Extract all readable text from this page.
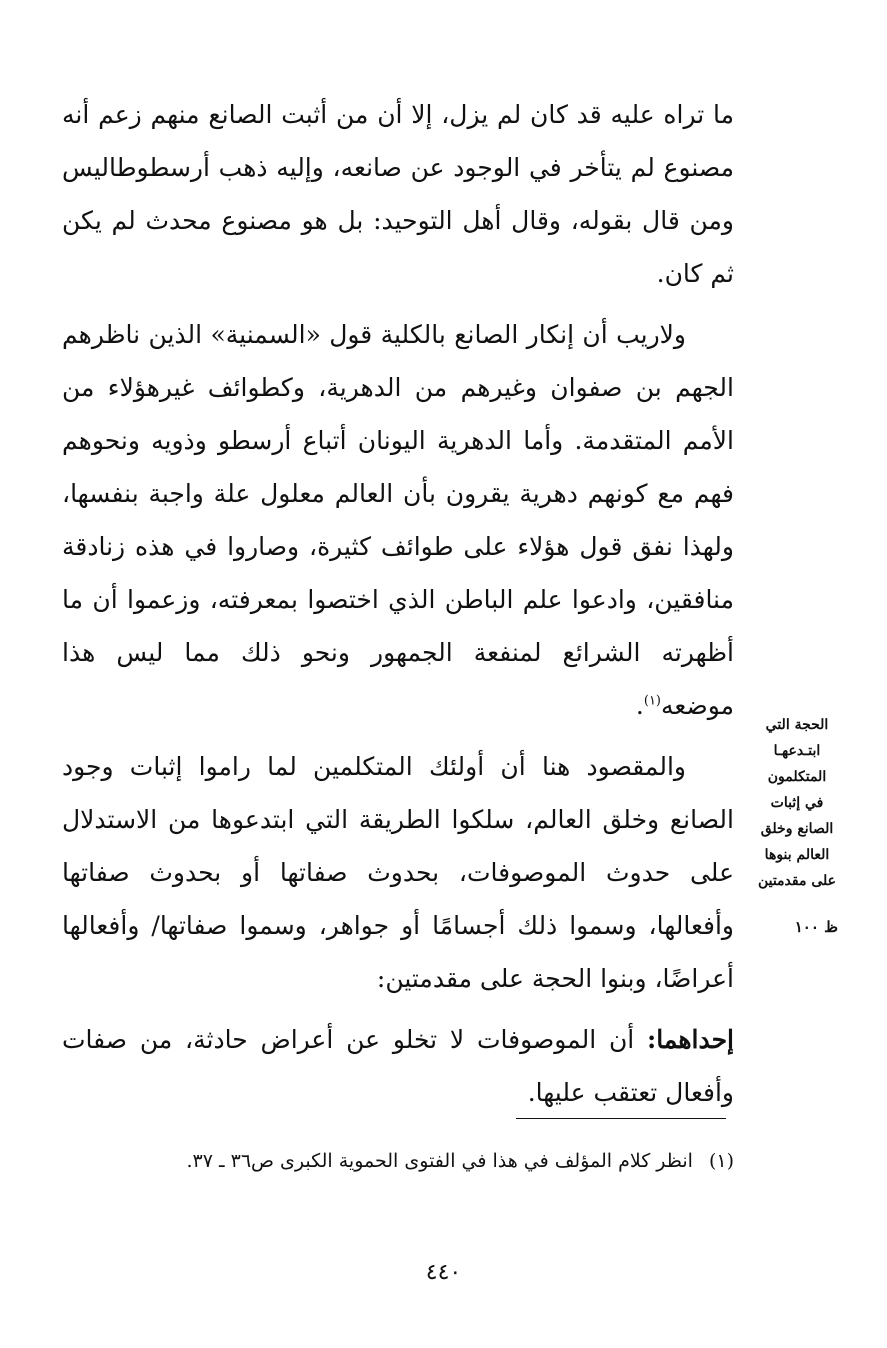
ما تراه عليه قد كان لم يزل، إلا أن من أثبت الصانع منهم زعم أنه مصنوع لم يتأخر في الوجود عن صانعه، وإليه ذهب أرسطوطاليس ومن قال بقوله، وقال أهل التوحيد: بل هو مصنوع محدث لم يكن ثم كان.

ولاريب أن إنكار الصانع بالكلية قول «السمنية» الذين ناظرهم الجهم بن صفوان وغيرهم من الدهرية، وكطوائف غيرهؤلاء من الأمم المتقدمة. وأما الدهرية اليونان أتباع أرسطو وذويه ونحوهم فهم مع كونهم دهرية يقرون بأن العالم معلول علة واجبة بنفسها، ولهذا نفق قول هؤلاء على طوائف كثيرة، وصاروا في هذه زنادقة منافقين، وادعوا علم الباطن الذي اختصوا بمعرفته، وزعموا أن ما أظهرته الشرائع لمنفعة الجمهور ونحو ذلك مما ليس هذا موضعه$^{(١)}$.

والمقصود هنا أن أولئك المتكلمين لما راموا إثبات وجود الصانع وخلق العالم، سلكوا الطريقة التي ابتدعوها من الاستدلال على حدوث الموصوفات، بحدوث صفاتها أو بحدوث صفاتها وأفعالها، وسموا ذلك أجسامًا أو جواهر، وسموا صفاتها/ وأفعالها أعراضًا، وبنوا الحجة على مقدمتين:

إحداهما: أن الموصوفات لا تخلو عن أعراض حادثة، من صفات وأفعال تعتقب عليها.

الحجة التي
ابتـدعهـا
المتكلمون
في إثبات
الصانع وخلق
العالم بنوها
على مقدمتين
ظ ١٠٠
(١)انظر كلام المؤلف في هذا في الفتوى الحموية الكبرى ص٣٦ ـ ٣٧.
٤٤٠
